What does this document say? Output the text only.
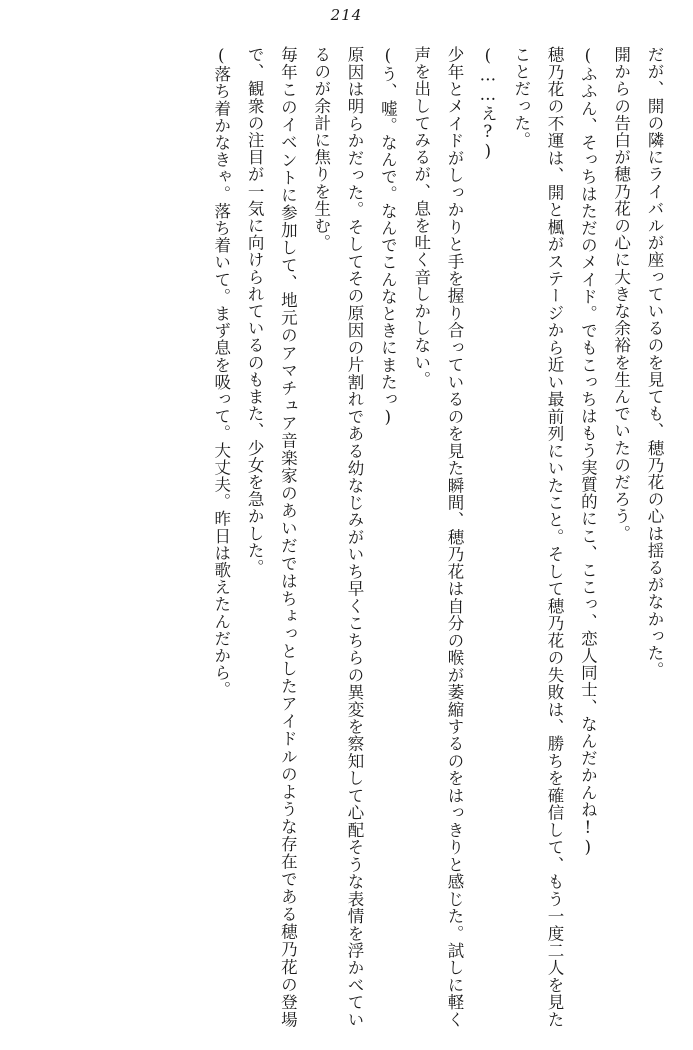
214
だが、開の隣にライバルが座っているのを見ても、穂乃花の心は揺るがなかった。
開からの告白が穂乃花の心に大きな余裕を生んでいたのだろう。
(ふふん、そっちはただのメイド。でもこっちはもう実質的にこ、ここっ、恋人同士、なんだかんね!)
穂乃花の不運は、開と楓がステージから近い最前列にいたこと。そして穂乃花の失敗は、勝ちを確信して、もう一度二人を見たことだった。
(……え?)
少年とメイドがしっかりと手を握り合っているのを見た瞬間、穂乃花は自分の喉が萎縮するのをはっきりと感じた。試しに軽く声を出してみるが、息を吐く音しかしない。
(う、嘘。なんで。なんでこんなときにまたっ)
原因は明らかだった。そしてその原因の片割れである幼なじみがいち早くこちらの異変を察知して心配そうな表情を浮かべているのが余計に焦りを生む。
毎年このイベントに参加して、地元のアマチュア音楽家のあいだではちょっとしたアイドルのような存在である穂乃花の登場で、観衆の注目が一気に向けられているのもまた、少女を急かした。
(落ち着かなきゃ。落ち着いて。まず息を吸って。大丈夫。昨日は歌えたんだから。
